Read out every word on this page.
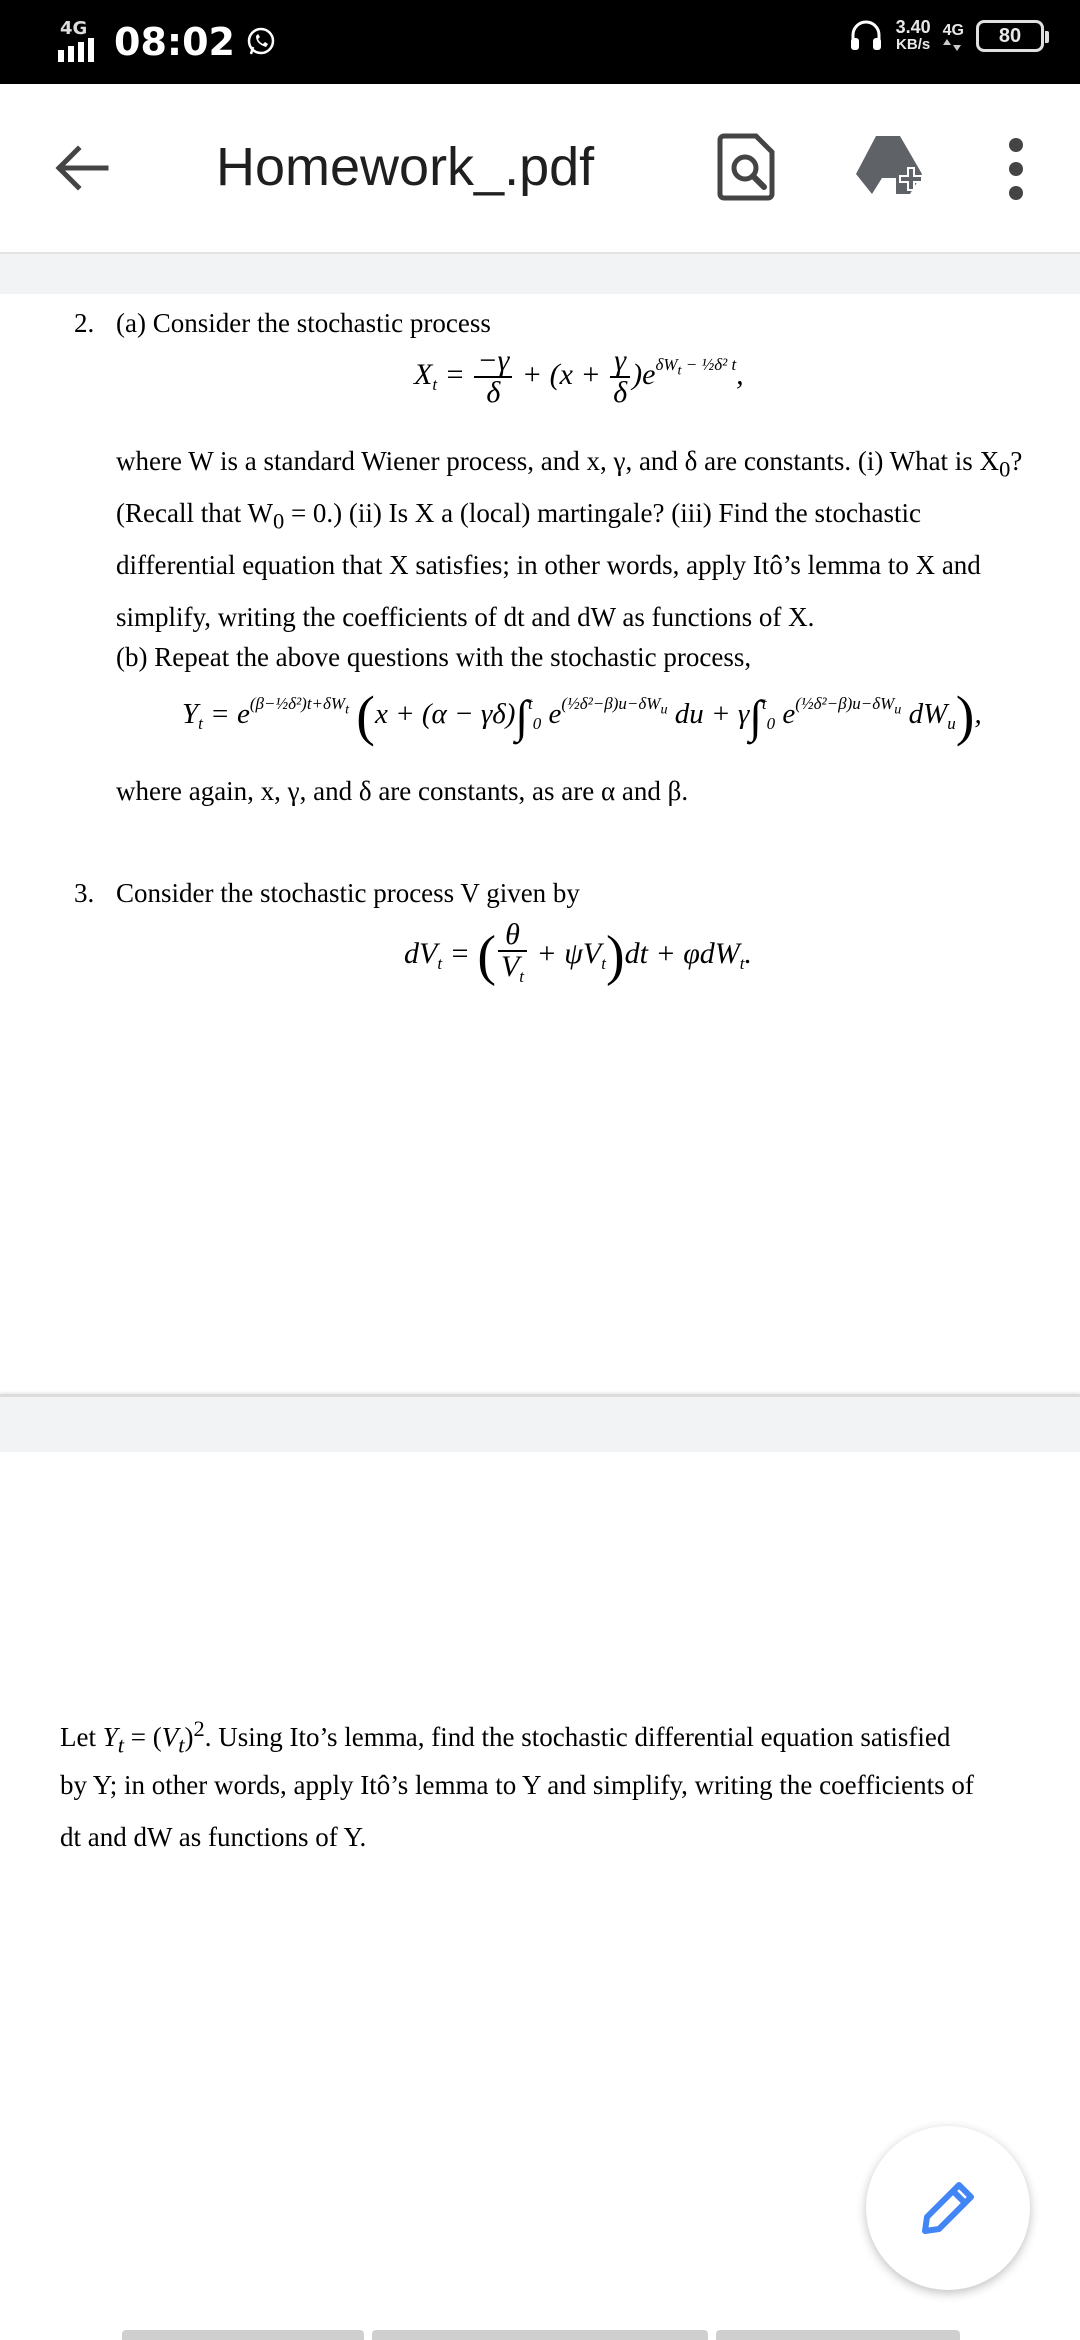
4G 08:02	3.40
KB/s
4G 80
Homework_.pdf
2. (a) Consider the stochastic process
$X_t = \frac{-\gamma}{\delta} + (x + \frac{\gamma}{\delta} )e^{\delta W_t - \frac{1}{2}\delta^2 t}$,
where W is a standard Wiener process, and x, γ, and δ are constants. (i) What is $X_0$?
(Recall that $W_0 = 0$.) (ii) Is X a (local) martingale? (iii) Find the stochastic
differential equation that X satisfies; in other words, apply Itô’s lemma to X and
simplify, writing the coefficients of dt and dW as functions of X.
(b) Repeat the above questions with the stochastic process,
$Y_t = e^{(\beta-\frac{1}{2}\delta^2)t+\delta W_t}$ (x + (α − γδ)∫$^t_0$ $e^{(\frac{1}{2}\delta^2-\beta)u-\delta W_u}$ du + γ∫$^t_0$ $e^{(\frac{1}{2}\delta^2-\beta)u-\delta W_u}$ $dW_u$),
where again, x, γ, and δ are constants, as are α and β.
3. Consider the stochastic process V given by
$dV_t$ = ( $\frac{\theta}{V_t} + \psi V_t)dt + \varphi dW_t$.
Let $Y_t = (V_t)^2$. Using Ito’s lemma, find the stochastic differential equation satisfied
by Y; in other words, apply Itô’s lemma to Y and simplify, writing the coefficients of
dt and dW as functions of Y.
